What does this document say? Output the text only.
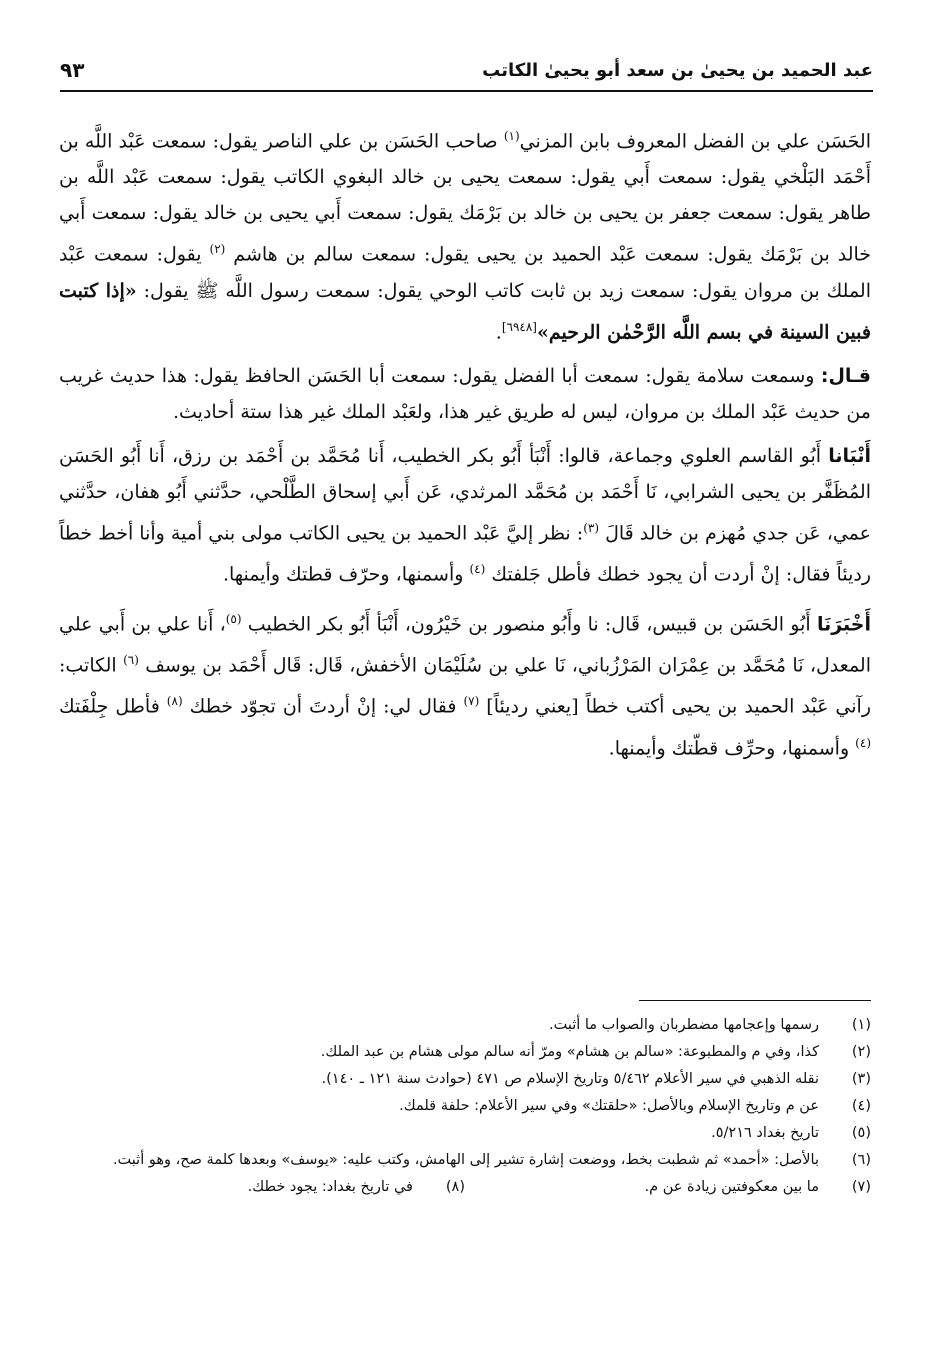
عبد الحميد بن يحيىٰ بن سعد أبو يحيىٰ الكاتب
٩٣

الحَسَن علي بن الفضل المعروف بابن المزني$^{(١)}$ صاحب الحَسَن بن علي الناصر يقول: سمعت عَبْد اللَّه بن أَحْمَد البَلْخي يقول: سمعت أَبي يقول: سمعت يحيى بن خالد البغوي الكاتب يقول: سمعت عَبْد اللَّه بن طاهر يقول: سمعت جعفر بن يحيى بن خالد بن بَرْمَك يقول: سمعت أَبي يحيى بن خالد يقول: سمعت أَبي خالد بن بَرْمَك يقول: سمعت عَبْد الحميد بن يحيى يقول: سمعت سالم بن هاشم $^{(٢)}$ يقول: سمعت عَبْد الملك بن مروان يقول: سمعت زيد بن ثابت كاتب الوحي يقول: سمعت رسول اللَّه ﷺ يقول: «إذا كتبت فبين السينة في بسم اللَّه الرَّحْمٰن الرحيم»[٦٩٤٨].

قـال: وسمعت سلامة يقول: سمعت أبا الفضل يقول: سمعت أبا الحَسَن الحافظ يقول: هذا حديث غريب من حديث عَبْد الملك بن مروان، ليس له طريق غير هذا، ولعَبْد الملك غير هذا ستة أحاديث.

أَنْبَانا أَبُو القاسم العلوي وجماعة، قالوا: أَنْبَأ أَبُو بكر الخطيب، أَنا مُحَمَّد بن أَحْمَد بن رزق، أَنا أَبُو الحَسَن المُظَفَّر بن يحيى الشرابي، نَا أَحْمَد بن مُحَمَّد المرثدي، عَن أَبي إسحاق الطَّلْحي، حدَّثني أَبُو هفان، حدَّثني عمي، عَن جدي مُهزم بن خالد قَالَ $^{(٣)}$: نظر إليَّ عَبْد الحميد بن يحيى الكاتب مولى بني أمية وأنا أخط خطاً رديئاً فقال: إنْ أردت أن يجود خطك فأطل جَلفتك $^{(٤)}$ وأسمنها، وحرّف قطتك وأيمنها.

أَخْبَرَنَا أَبُو الحَسَن بن قبيس، قَال: نا وأَبُو منصور بن خَيْرُون، أَنْبَأ أَبُو بكر الخطيب $^{(٥)}$، أَنا علي بن أَبي علي المعدل، نَا مُحَمَّد بن عِمْرَان المَرْزُباني، نَا علي بن سُلَيْمَان الأخفش، قَال: قَال أَحْمَد بن يوسف $^{(٦)}$ الكاتب: رآني عَبْد الحميد بن يحيى أكتب خطاً [يعني رديئاً] $^{(٧)}$ فقال لي: إنْ أردتَ أن تجوّد خطك $^{(٨)}$ فأطل جِلْفَتك $^{(٤)}$ وأسمنها، وحرِّف قطّتك وأيمنها.

(١)
رسمها وإعجامها مضطربان والصواب ما أثبت.
(٢)
كذا، وفي م والمطبوعة: «سالم بن هشام» ومرّ أنه سالم مولى هشام بن عبد الملك.
(٣)
نقله الذهبي في سير الأعلام ٥/٤٦٢ وتاريخ الإسلام ص ٤٧١ (حوادث سنة ١٢١ ـ ١٤٠).
(٤)
عن م وتاريخ الإسلام وبالأصل: «حلقتك» وفي سير الأعلام: حلفة قلمك.
(٥)
تاريخ بغداد ٥/٢١٦.
(٦)
بالأصل: «أحمد» ثم شطبت بخط، ووضعت إشارة تشير إلى الهامش، وكتب عليه: «يوسف» وبعدها كلمة صح، وهو أثبت.
(٧)
ما بين معكوفتين زيادة عن م.
(٨)
في تاريخ بغداد: يجود خطك.
